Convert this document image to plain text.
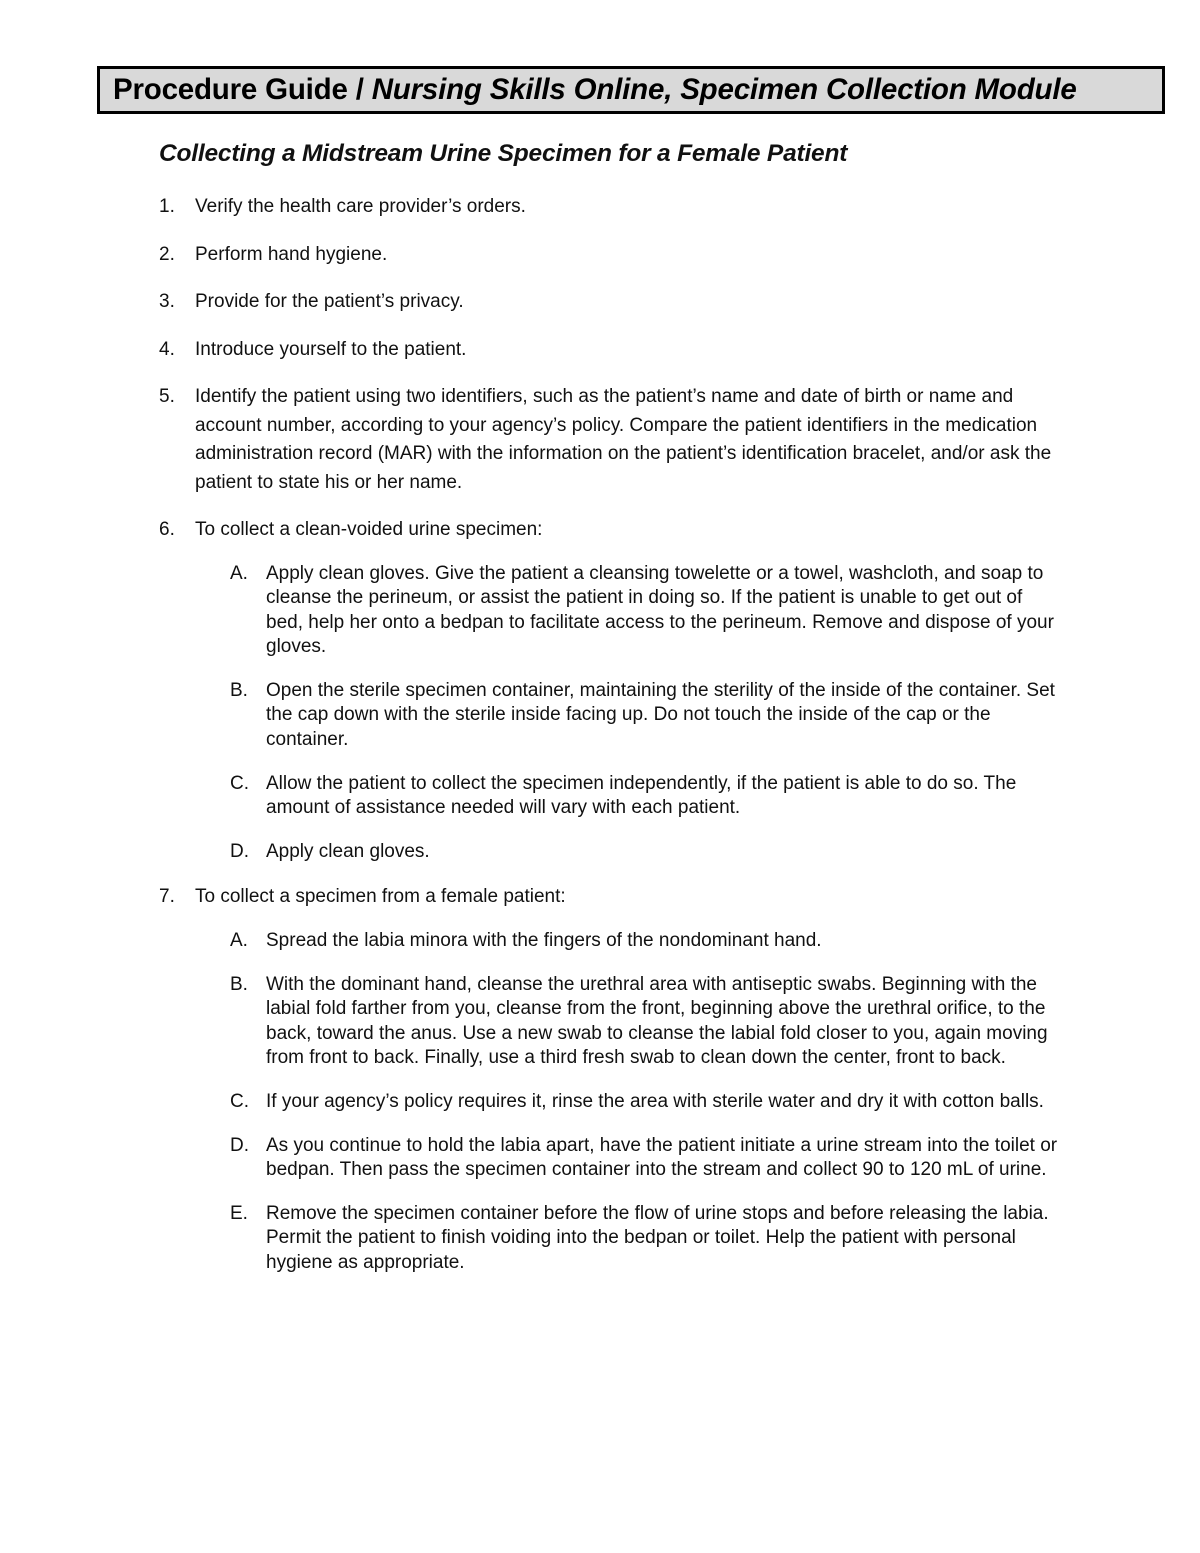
Procedure Guide / Nursing Skills Online, Specimen Collection Module
Collecting a Midstream Urine Specimen for a Female Patient
1.	Verify the health care provider’s orders.
2.	Perform hand hygiene.
3.	Provide for the patient’s privacy.
4.	Introduce yourself to the patient.
5.	Identify the patient using two identifiers, such as the patient’s name and date of birth or name and account number, according to your agency’s policy. Compare the patient identifiers in the medication administration record (MAR) with the information on the patient’s identification bracelet, and/or ask the patient to state his or her name.
6.	To collect a clean-voided urine specimen:
A. Apply clean gloves. Give the patient a cleansing towelette or a towel, washcloth, and soap to cleanse the perineum, or assist the patient in doing so. If the patient is unable to get out of bed, help her onto a bedpan to facilitate access to the perineum. Remove and dispose of your gloves.
B. Open the sterile specimen container, maintaining the sterility of the inside of the container. Set the cap down with the sterile inside facing up. Do not touch the inside of the cap or the container.
C. Allow the patient to collect the specimen independently, if the patient is able to do so. The amount of assistance needed will vary with each patient.
D. Apply clean gloves.
7.	To collect a specimen from a female patient:
A. Spread the labia minora with the fingers of the nondominant hand.
B. With the dominant hand, cleanse the urethral area with antiseptic swabs. Beginning with the labial fold farther from you, cleanse from the front, beginning above the urethral orifice, to the back, toward the anus. Use a new swab to cleanse the labial fold closer to you, again moving from front to back. Finally, use a third fresh swab to clean down the center, front to back.
C. If your agency’s policy requires it, rinse the area with sterile water and dry it with cotton balls.
D. As you continue to hold the labia apart, have the patient initiate a urine stream into the toilet or bedpan. Then pass the specimen container into the stream and collect 90 to 120 mL of urine.
E. Remove the specimen container before the flow of urine stops and before releasing the labia. Permit the patient to finish voiding into the bedpan or toilet. Help the patient with personal hygiene as appropriate.
